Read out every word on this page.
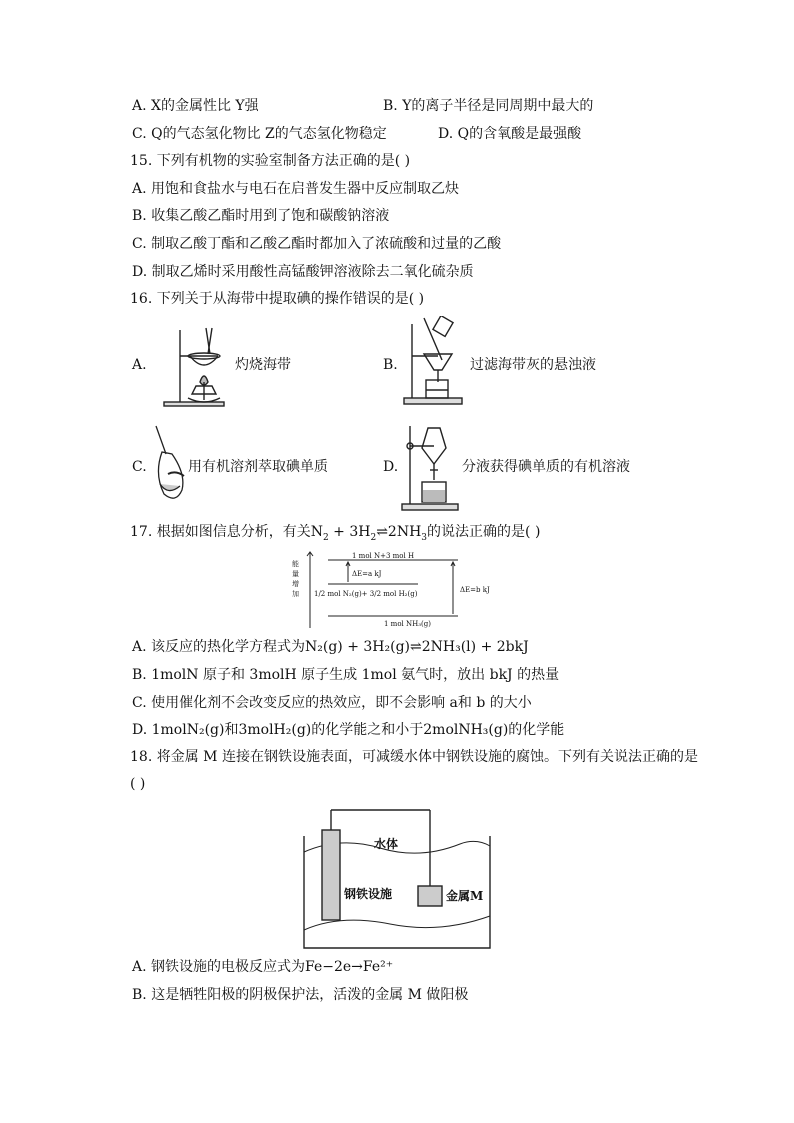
A. X的金属性比 Y强	B. Y的离子半径是同周期中最大的
C. Q的气态氢化物比 Z的气态氢化物稳定	D. Q的含氧酸是最强酸
15. 下列有机物的实验室制备方法正确的是( )
A. 用饱和食盐水与电石在启普发生器中反应制取乙炔
B. 收集乙酸乙酯时用到了饱和碳酸钠溶液
C. 制取乙酸丁酯和乙酸乙酯时都加入了浓硫酸和过量的乙酸
D. 制取乙烯时采用酸性高锰酸钾溶液除去二氧化硫杂质
16. 下列关于从海带中提取碘的操作错误的是( )
A.	灼烧海带	B.	过滤海带灰的悬浊液
C.	用有机溶剂萃取碘单质	D.	分液获得碘单质的有机溶液
17. 根据如图信息分析，有关$N_2$ + $3H_2\rightleftharpoons 2NH_3$的说法正确的是( )
能
量
增
加
1 mol N+3 mol H
ΔE=a kJ
1/2 mol N₂(g)+ 3/2 mol H₂(g)	ΔE=b kJ
1 mol NH₃(g)
A. 该反应的热化学方程式为N₂(g) + 3H₂(g)⇌2NH₃(l) + 2bkJ
B. 1molN 原子和 3molH 原子生成 1mol 氨气时，放出 bkJ 的热量
C. 使用催化剂不会改变反应的热效应，即不会影响 a和 b 的大小
D. 1molN₂(g)和3molH₂(g)的化学能之和小于2molNH₃(g)的化学能
18. 将金属 M 连接在钢铁设施表面，可减缓水体中钢铁设施的腐蚀。下列有关说法正确的是
( )
水体
钢铁设施	金属M
A. 钢铁设施的电极反应式为Fe−2e→Fe²⁺
B. 这是牺牲阳极的阴极保护法，活泼的金属 M 做阳极
